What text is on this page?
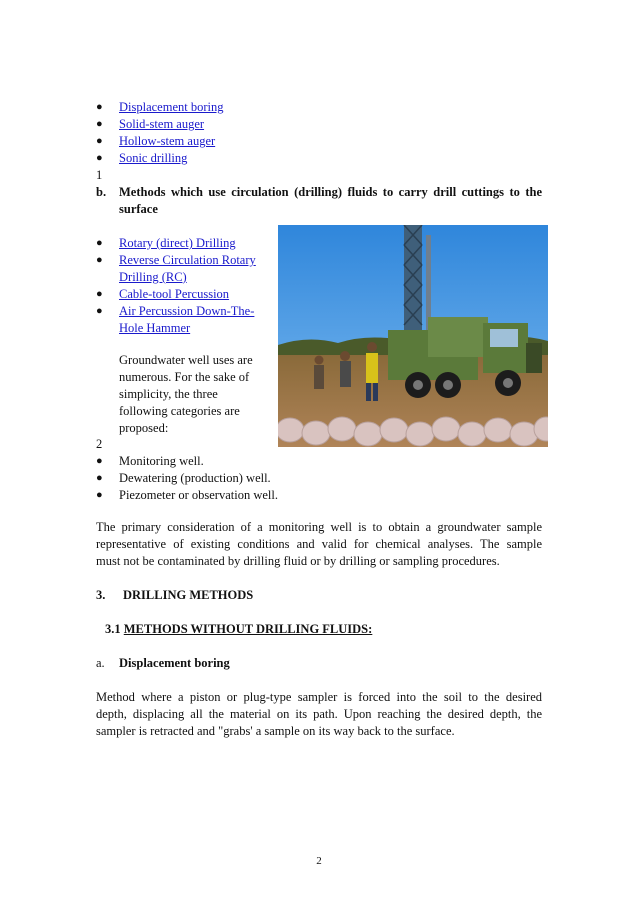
● Displacement boring
● Solid-stem auger
● Hollow-stem auger
● Sonic drilling
1
b. Methods which use circulation (drilling) fluids to carry drill cuttings to the
surface
● Rotary (direct) Drilling
● Reverse Circulation Rotary
Drilling (RC)
● Cable-tool Percussion
● Air Percussion Down-The-
Hole Hammer
Groundwater well uses are
numerous. For the sake of
simplicity, the three
following categories are
proposed:
2
● Monitoring well.
● Dewatering (production) well.
● Piezometer or observation well.
The primary consideration of a monitoring well is to obtain a groundwater sample
representative of existing conditions and valid for chemical analyses. The sample
must not be contaminated by drilling fluid or by drilling or sampling procedures.
3. DRILLING METHODS
3.1 METHODS WITHOUT DRILLING FLUIDS:
a. Displacement boring
Method where a piston or plug-type sampler is forced into the soil to the desired
depth, displacing all the material on its path. Upon reaching the desired depth, the
sampler is retracted and "grabs' a sample on its way back to the surface.
2
